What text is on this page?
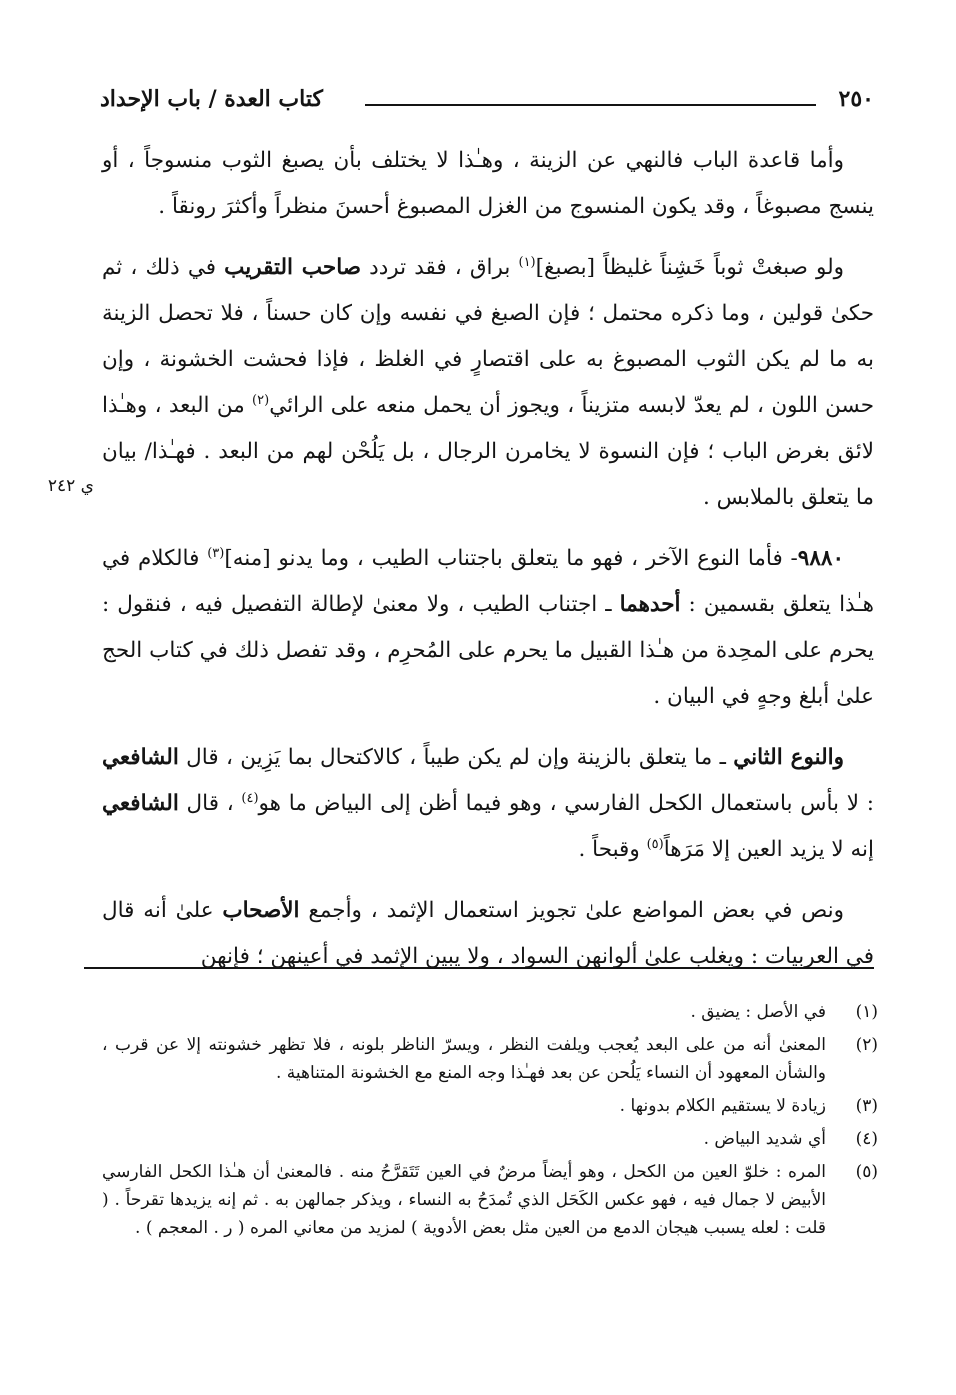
٢٥٠
كتاب العدة / باب الإحداد
ي ٢٤٢

وأما قاعدة الباب فالنهي عن الزينة ، وهـٰذا لا يختلف بأن يصبغ الثوب منسوجاً ، أو ينسج مصبوغاً ، وقد يكون المنسوج من الغزل المصبوغ أحسنَ منظراً وأكثرَ رونقاً .

ولو صبغتْ ثوباً خَشِناً غليظاً [بصبغ]$^{(١)}$ براق ، فقد تردد صاحب التقريب في ذلك ، ثم حكىٰ قولين ، وما ذكره محتمل ؛ فإن الصبغ في نفسه وإن كان حسناً ، فلا تحصل الزينة به ما لم يكن الثوب المصبوغ به على اقتصارٍ في الغلظ ، فإذا فحشت الخشونة ، وإن حسن اللون ، لم يعدّ لابسه متزيناً ، ويجوز أن يحمل منعه على الرائي$^{(٢)}$ من البعد ، وهـٰذا لائق بغرض الباب ؛ فإن النسوة لا يخامرن الرجال ، بل يَلُحْن لهم من البعد . فهـٰذا/ بيان ما يتعلق بالملابس .

٩٨٨٠- فأما النوع الآخر ، فهو ما يتعلق باجتناب الطيب ، وما يدنو [منه]$^{(٣)}$ فالكلام في هـٰذا يتعلق بقسمين : أحدهما ـ اجتناب الطيب ، ولا معنىٰ لإطالة التفصيل فيه ، فنقول : يحرم على المحِدة من هـٰذا القبيل ما يحرم على المُحرِم ، وقد تفصل ذلك في كتاب الحج علىٰ أبلغ وجهٍ في البيان .

والنوع الثاني ـ ما يتعلق بالزينة وإن لم يكن طيباً ، كالاكتحال بما يَزِين ، قال الشافعي : لا بأس باستعمال الكحل الفارسي ، وهو فيما أظن إلى البياض ما هو$^{(٤)}$ ، قال الشافعي إنه لا يزيد العين إلا مَرَهاً$^{(٥)}$ وقبحاً .

ونص في بعض المواضع علىٰ تجويز استعمال الإثمد ، وأجمع الأصحاب علىٰ أنه قال في العربيات : ويغلب علىٰ ألوانهن السواد ، ولا يبين الإثمد في أعينهن ؛ فإنهن

(١)
في الأصل : يضيق .
(٢)
المعنىٰ أنه من على البعد يُعجب ويلفت النظر ، ويسرّ الناظر بلونه ، فلا تظهر خشونته إلا عن قرب ، والشأن المعهود أن النساء يَلُحن عن بعد فهـٰذا وجه المنع مع الخشونة المتناهية .
(٣)
زيادة لا يستقيم الكلام بدونها .
(٤)
أي شديد البياض .
(٥)
المره : خلوّ العين من الكحل ، وهو أيضاً مرضٌ في العين تَتَقرَّحُ منه . فالمعنىٰ أن هـٰذا الكحل الفارسي الأبيض لا جمال فيه ، فهو عكس الكَحَل الذي تُمدَحُ به النساء ، ويذكر جمالهن به . ثم إنه يزيدها تقرحاً . ( قلت : لعله يسبب هيجان الدمع من العين مثل بعض الأدوية ) لمزيد من معاني المره ( ر . المعجم ) .
